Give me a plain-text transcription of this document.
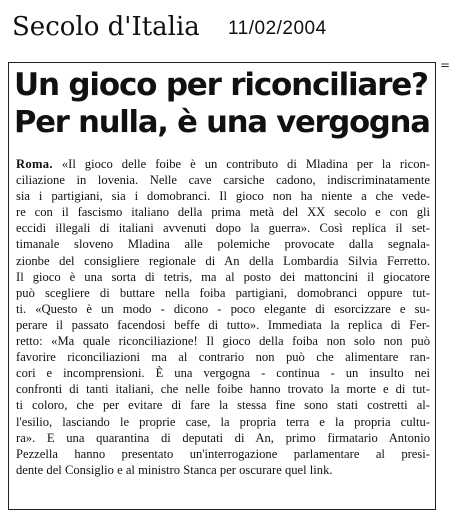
Secolo d'Italia 11/02/2004
=
Un gioco per riconciliare?
Per nulla, è una vergogna
Roma. «Il gioco delle foibe è un contributo di Mladina per la ricon-
ciliazione in lovenia. Nelle cave carsiche cadono, indiscriminatamente
sia i partigiani, sia i domobranci. Il gioco non ha niente a che vede-
re con il fascismo italiano della prima metà del XX secolo e con gli
eccidi illegali di italiani avvenuti dopo la guerra». Così replica il set-
timanale sloveno Mladina alle polemiche provocate dalla segnala-
zionbe del consigliere regionale di An della Lombardia Silvia Ferretto.
Il gioco è una sorta di tetris, ma al posto dei mattoncini il giocatore
può scegliere di buttare nella foiba partigiani, domobranci oppure tut-
ti. «Questo è un modo - dicono - poco elegante di esorcizzare e su-
perare il passato facendosi beffe di tutto». Immediata la replica di Fer-
retto: «Ma quale riconciliazione! Il gioco della foiba non solo non può
favorire riconciliazioni ma al contrario non può che alimentare ran-
cori e incomprensioni. È una vergogna - continua - un insulto nei
confronti di tanti italiani, che nelle foibe hanno trovato la morte e di tut-
ti coloro, che per evitare di fare la stessa fine sono stati costretti al-
l'esilio, lasciando le proprie case, la propria terra e la propria cultu-
ra». E una quarantina di deputati di An, primo firmatario Antonio
Pezzella hanno presentato un'interrogazione parlamentare al presi-
dente del Consiglio e al ministro Stanca per oscurare quel link.
